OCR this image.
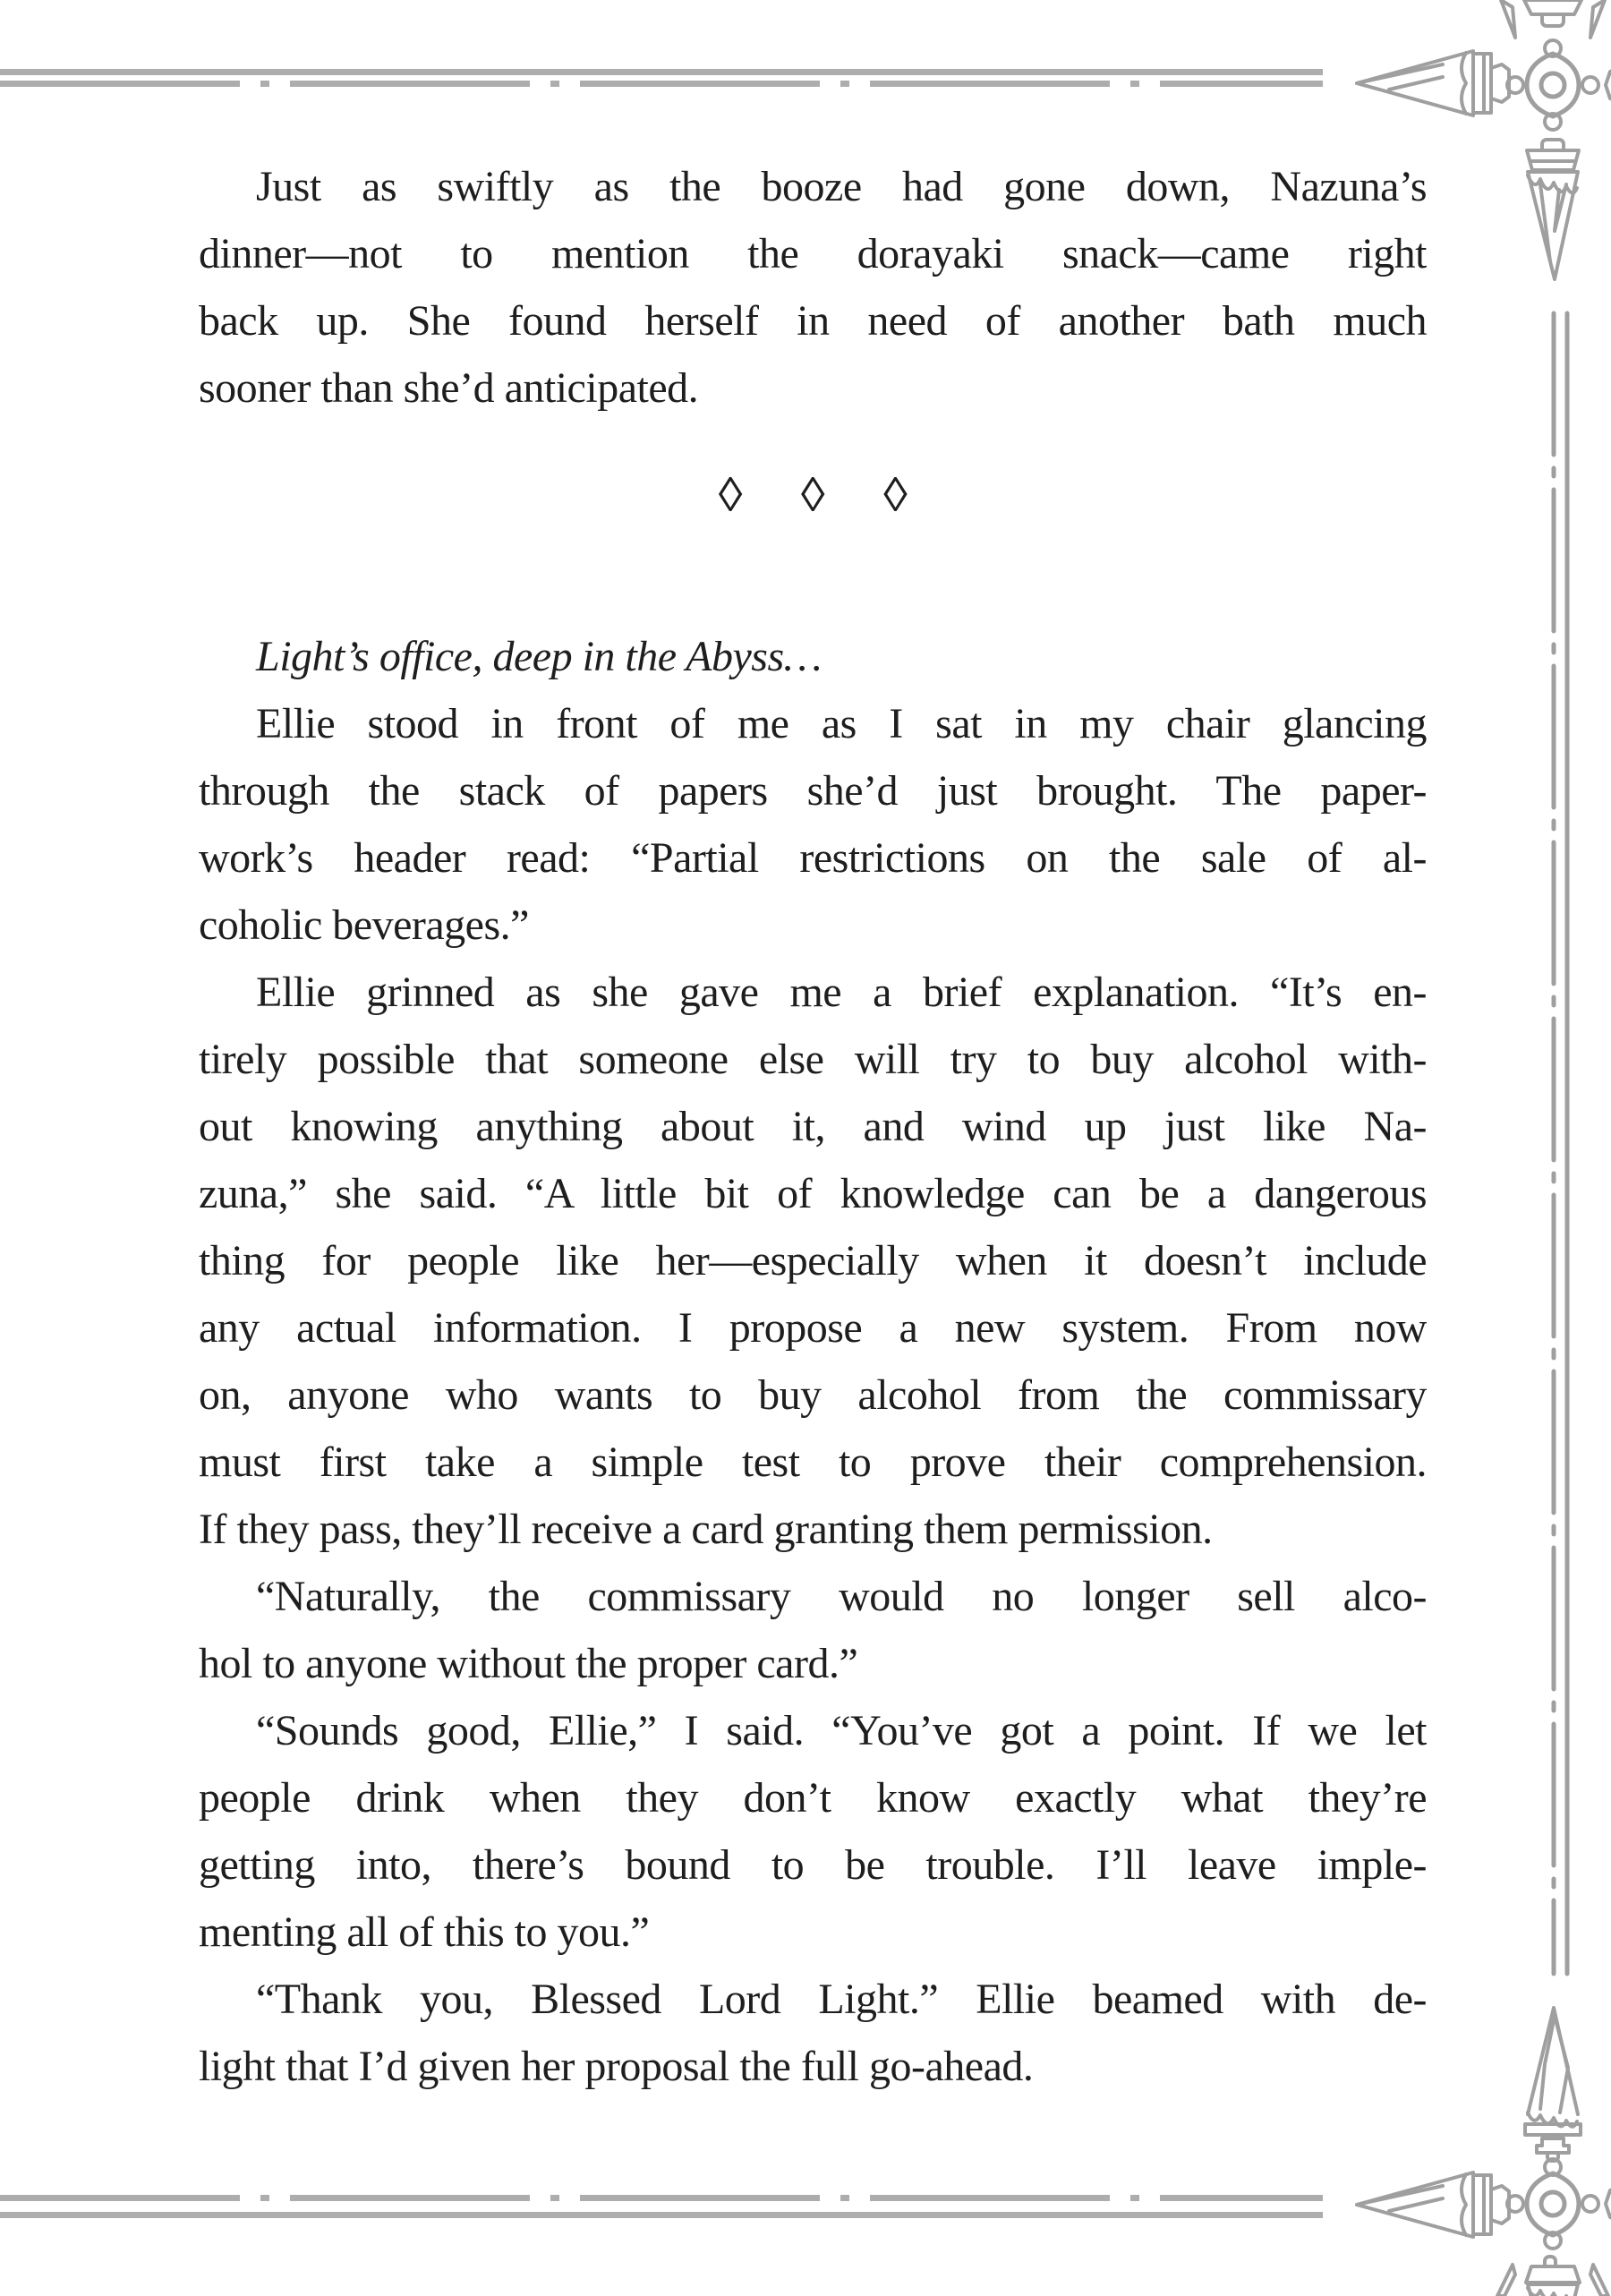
Just as swiftly as the booze had gone down, Nazuna’s
dinner—not to mention the dorayaki snack—came right
back up. She found herself in need of another bath much
sooner than she’d anticipated.
◊ ◊ ◊
Light’s office, deep in the Abyss…
Ellie stood in front of me as I sat in my chair glancing
through the stack of papers she’d just brought. The paper-
work’s header read: “Partial restrictions on the sale of al-
coholic beverages.”
Ellie grinned as she gave me a brief explanation. “It’s en-
tirely possible that someone else will try to buy alcohol with-
out knowing anything about it, and wind up just like Na-
zuna,” she said. “A little bit of knowledge can be a dangerous
thing for people like her—especially when it doesn’t include
any actual information. I propose a new system. From now
on, anyone who wants to buy alcohol from the commissary
must first take a simple test to prove their comprehension.
If they pass, they’ll receive a card granting them permission.
“Naturally, the commissary would no longer sell alco-
hol to anyone without the proper card.”
“Sounds good, Ellie,” I said. “You’ve got a point. If we let
people drink when they don’t know exactly what they’re
getting into, there’s bound to be trouble. I’ll leave imple-
menting all of this to you.”
“Thank you, Blessed Lord Light.” Ellie beamed with de-
light that I’d given her proposal the full go-ahead.
